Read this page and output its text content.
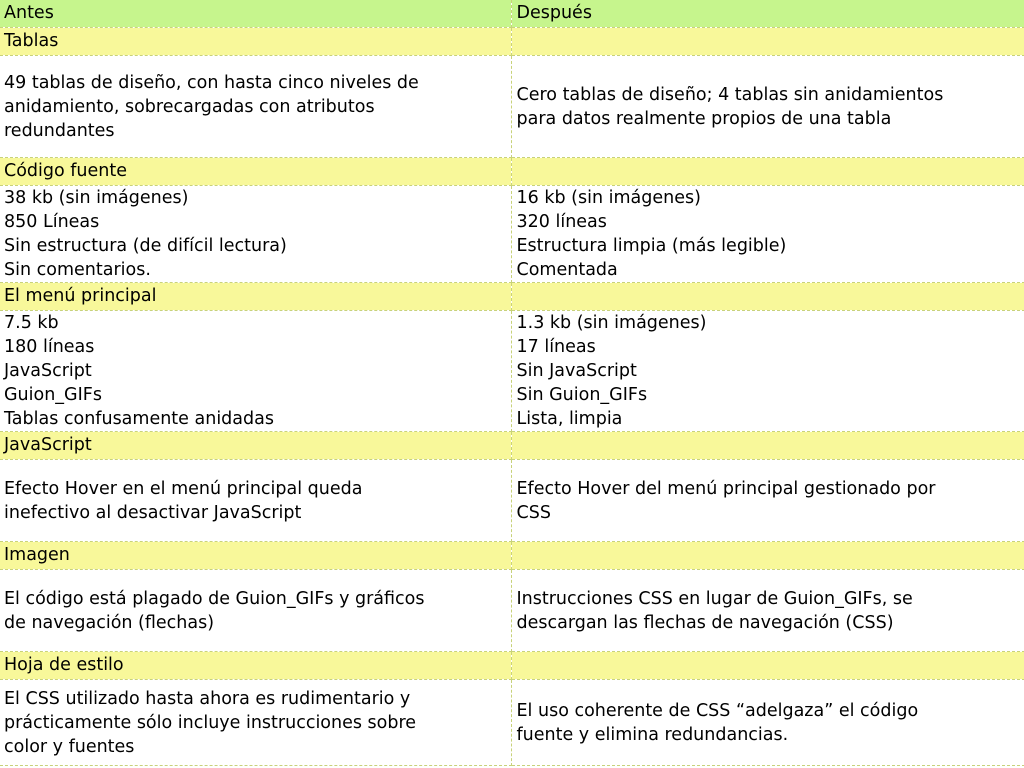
Antes	Después
Tablas	

49 tablas de diseño, con hasta cinco niveles de
anidamiento, sobrecargadas con atributos
redundantes	Cero tablas de diseño; 4 tablas sin anidamientos
para datos realmente propios de una tabla

Código fuente	

38 kb (sin imágenes)
850 Líneas
Sin estructura (de difícil lectura)
Sin comentarios.	16 kb (sin imágenes)
320 líneas
Estructura limpia (más legible)
Comentada

El menú principal	

7.5 kb
180 líneas
JavaScript
Guion_GIFs
Tablas confusamente anidadas	1.3 kb (sin imágenes)
17 líneas
Sin JavaScript
Sin Guion_GIFs
Lista, limpia

JavaScript	

Efecto Hover en el menú principal queda
inefectivo al desactivar JavaScript	Efecto Hover del menú principal gestionado por
CSS

Imagen	

El código está plagado de Guion_GIFs y gráficos
de navegación (flechas)	Instrucciones CSS en lugar de Guion_GIFs, se
descargan las flechas de navegación (CSS)

Hoja de estilo	

El CSS utilizado hasta ahora es rudimentario y
prácticamente sólo incluye instrucciones sobre
color y fuentes	El uso coherente de CSS “adelgaza” el código
fuente y elimina redundancias.
